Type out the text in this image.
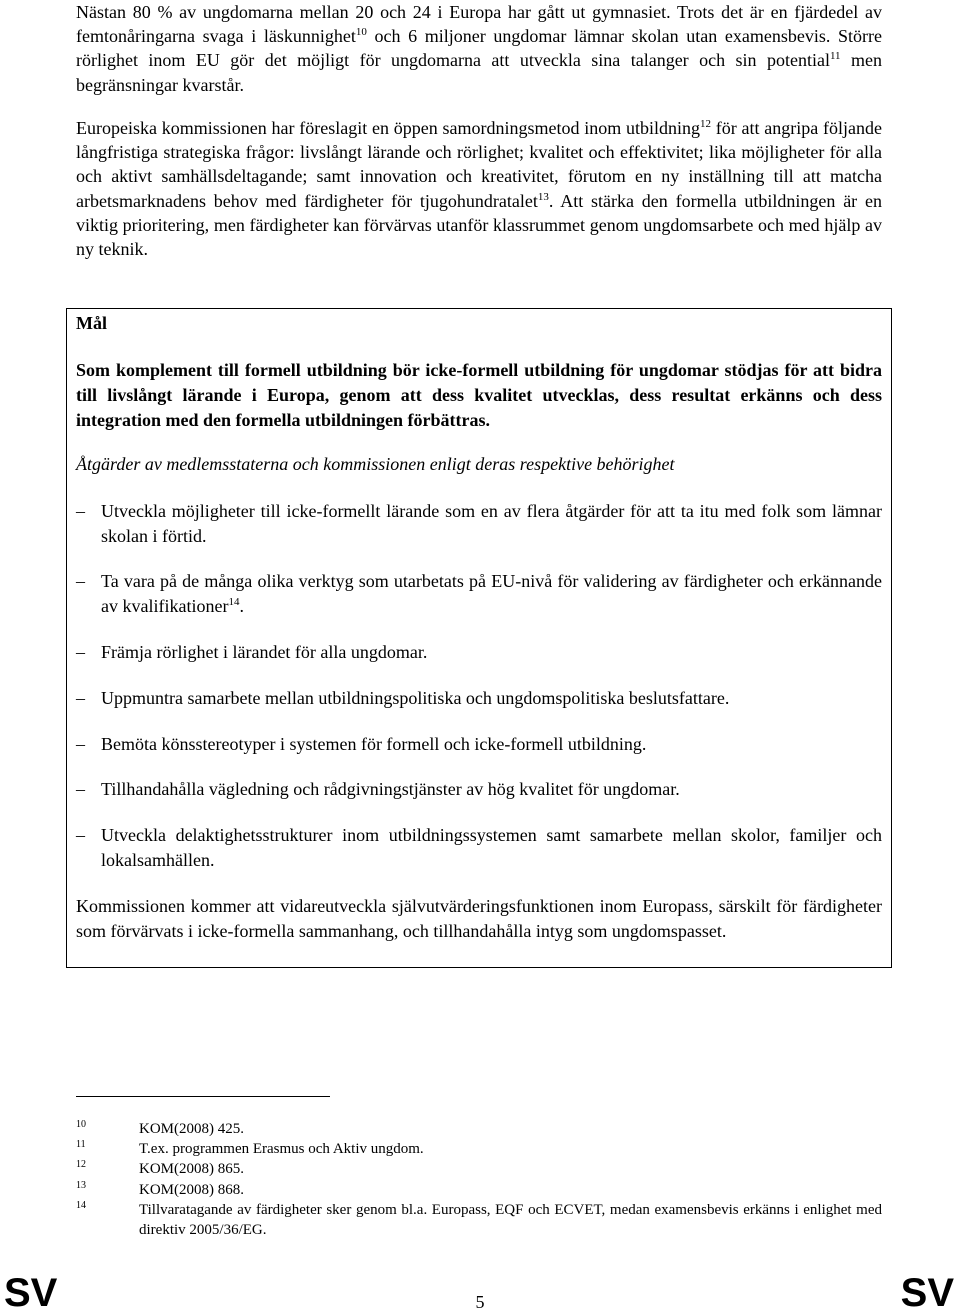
Nästan 80 % av ungdomarna mellan 20 och 24 i Europa har gått ut gymnasiet. Trots det är en fjärdedel av femtonåringarna svaga i läskunnighet$^{10}$ och 6 miljoner ungdomar lämnar skolan utan examensbevis. Större rörlighet inom EU gör det möjligt för ungdomarna att utveckla sina talanger och sin potential$^{11}$ men begränsningar kvarstår.

Europeiska kommissionen har föreslagit en öppen samordningsmetod inom utbildning$^{12}$ för att angripa följande långfristiga strategiska frågor: livslångt lärande och rörlighet; kvalitet och effektivitet; lika möjligheter för alla och aktivt samhällsdeltagande; samt innovation och kreativitet, förutom en ny inställning till att matcha arbetsmarknadens behov med färdigheter för tjugohundratalet$^{13}$. Att stärka den formella utbildningen är en viktig prioritering, men färdigheter kan förvärvas utanför klassrummet genom ungdomsarbete och med hjälp av ny teknik.

Mål

Som komplement till formell utbildning bör icke-formell utbildning för ungdomar stödjas för att bidra till livslångt lärande i Europa, genom att dess kvalitet utvecklas, dess resultat erkänns och dess integration med den formella utbildningen förbättras.

Åtgärder av medlemsstaterna och kommissionen enligt deras respektive behörighet
– Utveckla möjligheter till icke-formellt lärande som en av flera åtgärder för att ta itu med folk som lämnar skolan i förtid.
– Ta vara på de många olika verktyg som utarbetats på EU-nivå för validering av färdigheter och erkännande av kvalifikationer$^{14}$.
– Främja rörlighet i lärandet för alla ungdomar.
– Uppmuntra samarbete mellan utbildningspolitiska och ungdomspolitiska beslutsfattare.
– Bemöta könsstereotyper i systemen för formell och icke-formell utbildning.
– Tillhandahålla vägledning och rådgivningstjänster av hög kvalitet för ungdomar.
– Utveckla delaktighetsstrukturer inom utbildningssystemen samt samarbete mellan skolor, familjer och lokalsamhällen.

Kommissionen kommer att vidareutveckla självutvärderingsfunktionen inom Europass, särskilt för färdigheter som förvärvats i icke-formella sammanhang, och tillhandahålla intyg som ungdomspasset.

10	KOM(2008) 425.
11	T.ex. programmen Erasmus och Aktiv ungdom.
12	KOM(2008) 865.
13	KOM(2008) 868.
14	Tillvaratagande av färdigheter sker genom bl.a. Europass, EQF och ECVET, medan examensbevis erkänns i enlighet med direktiv 2005/36/EG.
SV	5	SV
